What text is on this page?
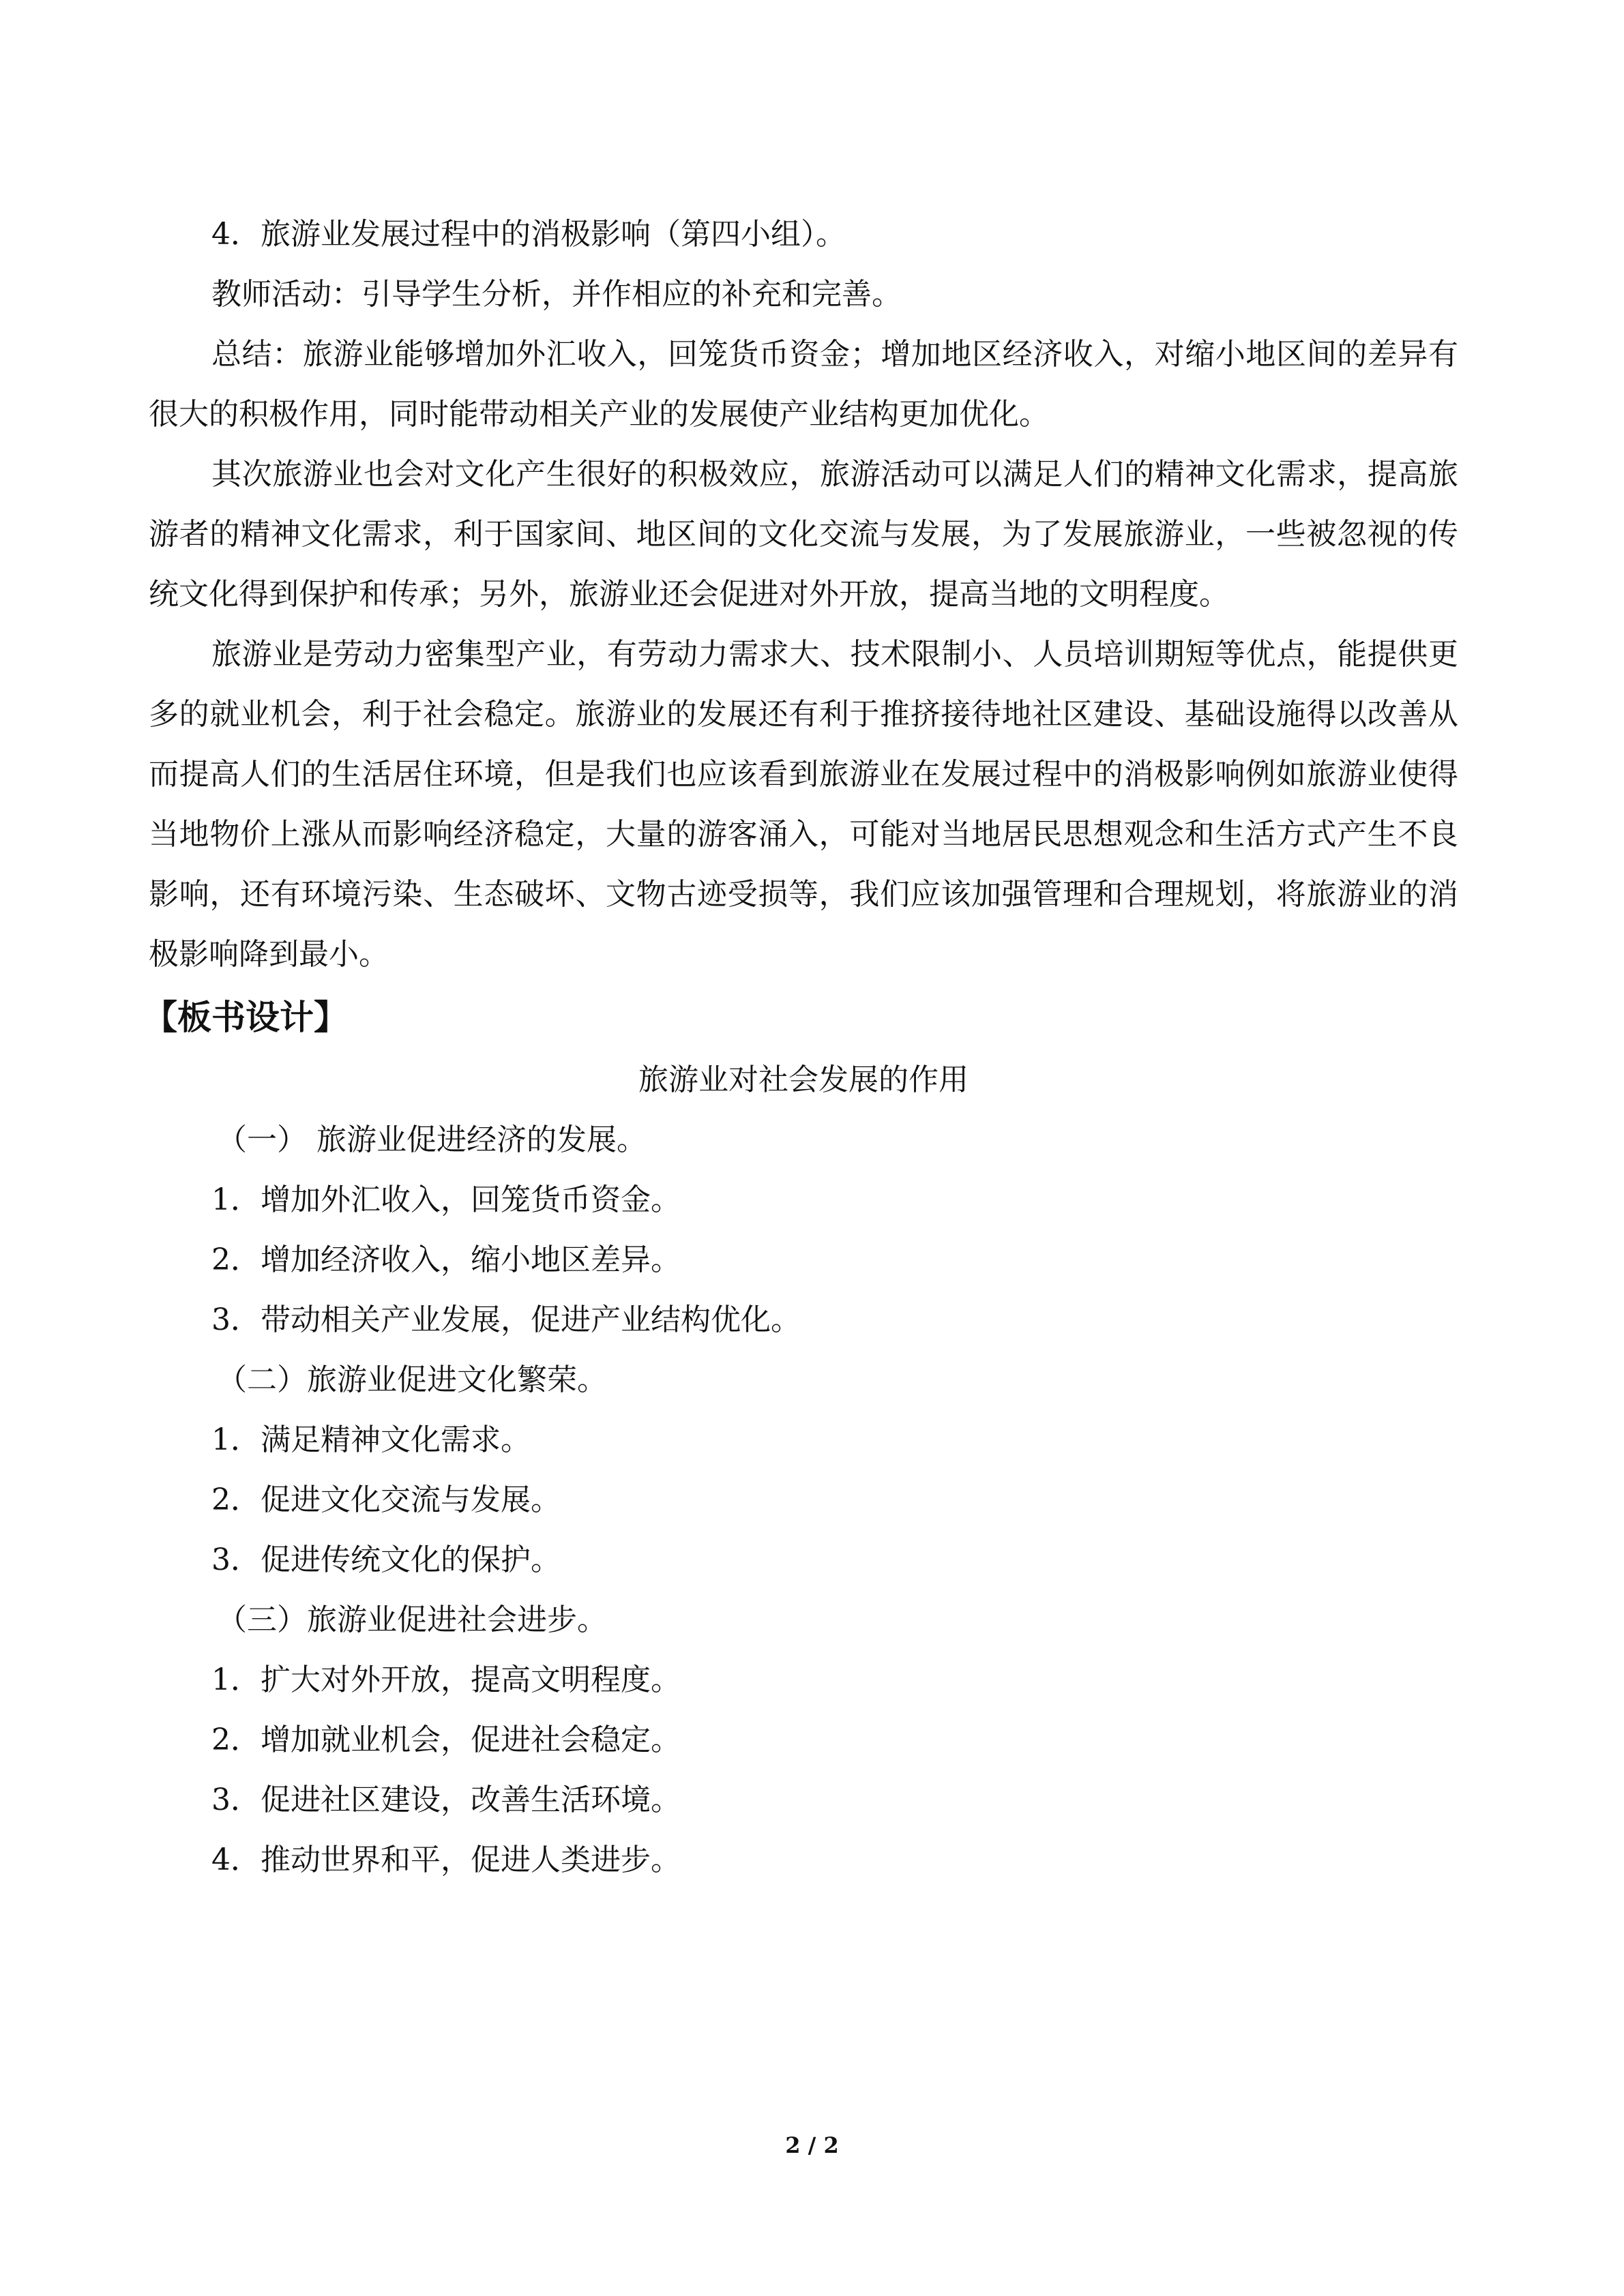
4．旅游业发展过程中的消极影响（第四小组）。

教师活动：引导学生分析，并作相应的补充和完善。

总结：旅游业能够增加外汇收入，回笼货币资金；增加地区经济收入，对缩小地区间的差异有很大的积极作用，同时能带动相关产业的发展使产业结构更加优化。

其次旅游业也会对文化产生很好的积极效应，旅游活动可以满足人们的精神文化需求，提高旅游者的精神文化需求，利于国家间、地区间的文化交流与发展，为了发展旅游业，一些被忽视的传统文化得到保护和传承；另外，旅游业还会促进对外开放，提高当地的文明程度。

旅游业是劳动力密集型产业，有劳动力需求大、技术限制小、人员培训期短等优点，能提供更多的就业机会，利于社会稳定。旅游业的发展还有利于推挤接待地社区建设、基础设施得以改善从而提高人们的生活居住环境，但是我们也应该看到旅游业在发展过程中的消极影响例如旅游业使得当地物价上涨从而影响经济稳定，大量的游客涌入，可能对当地居民思想观念和生活方式产生不良影响，还有环境污染、生态破坏、文物古迹受损等，我们应该加强管理和合理规划，将旅游业的消极影响降到最小。

【板书设计】

旅游业对社会发展的作用

（一） 旅游业促进经济的发展。

1．增加外汇收入，回笼货币资金。

2．增加经济收入，缩小地区差异。

3．带动相关产业发展，促进产业结构优化。

（二）旅游业促进文化繁荣。

1．满足精神文化需求。

2．促进文化交流与发展。

3．促进传统文化的保护。

（三）旅游业促进社会进步。

1．扩大对外开放，提高文明程度。

2．增加就业机会，促进社会稳定。

3．促进社区建设，改善生活环境。

4．推动世界和平，促进人类进步。

2 / 2
